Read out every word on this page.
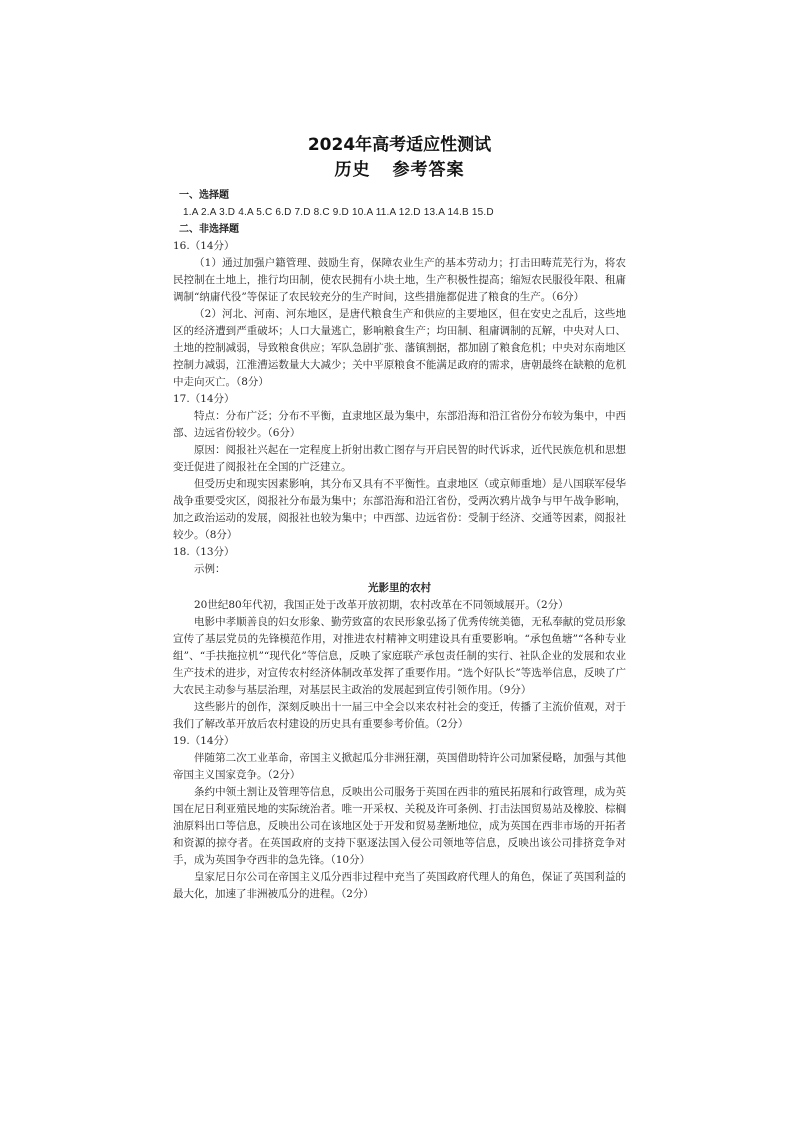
2024年高考适应性测试
历史 参考答案
一、选择题
1.A 2.A 3.D 4.A 5.C 6.D 7.D 8.C 9.D 10.A 11.A 12.D 13.A 14.B 15.D
二、非选择题
16.（14分）

（1）通过加强户籍管理、鼓励生育，保障农业生产的基本劳动力；打击田畴荒芜行为，将农民控制在土地上，推行均田制，使农民拥有小块土地，生产积极性提高；缩短农民服役年限、租庸调制“纳庸代役”等保证了农民较充分的生产时间，这些措施都促进了粮食的生产。（6分）

（2）河北、河南、河东地区，是唐代粮食生产和供应的主要地区，但在安史之乱后，这些地区的经济遭到严重破坏；人口大量逃亡，影响粮食生产；均田制、租庸调制的瓦解，中央对人口、土地的控制减弱，导致粮食供应；军队急剧扩张、藩镇割据，都加剧了粮食危机；中央对东南地区控制力减弱，江淮漕运数量大大减少；关中平原粮食不能满足政府的需求，唐朝最终在缺粮的危机中走向灭亡。（8分）

17.（14分）

特点：分布广泛；分布不平衡，直隶地区最为集中，东部沿海和沿江省份分布较为集中，中西部、边远省份较少。（6分）

原因：阅报社兴起在一定程度上折射出救亡图存与开启民智的时代诉求，近代民族危机和思想变迁促进了阅报社在全国的广泛建立。

但受历史和现实因素影响，其分布又具有不平衡性。直隶地区（或京师重地）是八国联军侵华战争重要受灾区，阅报社分布最为集中；东部沿海和沿江省份，受两次鸦片战争与甲午战争影响，加之政治运动的发展，阅报社也较为集中；中西部、边远省份：受制于经济、交通等因素，阅报社较少。（8分）

18.（13分）

示例：

光影里的农村

20世纪80年代初，我国正处于改革开放初期，农村改革在不同领域展开。（2分）

电影中孝顺善良的妇女形象、勤劳致富的农民形象弘扬了优秀传统美德，无私奉献的党员形象宣传了基层党员的先锋模范作用，对推进农村精神文明建设具有重要影响。“承包鱼塘”“各种专业组”、“手扶拖拉机”“现代化”等信息，反映了家庭联产承包责任制的实行、社队企业的发展和农业生产技术的进步，对宣传农村经济体制改革发挥了重要作用。“选个好队长”等选举信息，反映了广大农民主动参与基层治理，对基层民主政治的发展起到宣传引领作用。（9分）

这些影片的创作，深刻反映出十一届三中全会以来农村社会的变迁，传播了主流价值观，对于我们了解改革开放后农村建设的历史具有重要参考价值。（2分）

19.（14分）

伴随第二次工业革命，帝国主义掀起瓜分非洲狂潮，英国借助特许公司加紧侵略，加强与其他帝国主义国家竞争。（2分）

条约中领土割让及管理等信息，反映出公司服务于英国在西非的殖民拓展和行政管理，成为英国在尼日利亚殖民地的实际统治者。唯一开采权、关税及许可条例、打击法国贸易站及橡胶、棕榈油原料出口等信息，反映出公司在该地区处于开发和贸易垄断地位，成为英国在西非市场的开拓者和资源的掠夺者。在英国政府的支持下驱逐法国入侵公司领地等信息，反映出该公司排挤竞争对手，成为英国争夺西非的急先锋。（10分）

皇家尼日尔公司在帝国主义瓜分西非过程中充当了英国政府代理人的角色，保证了英国利益的最大化，加速了非洲被瓜分的进程。（2分）
